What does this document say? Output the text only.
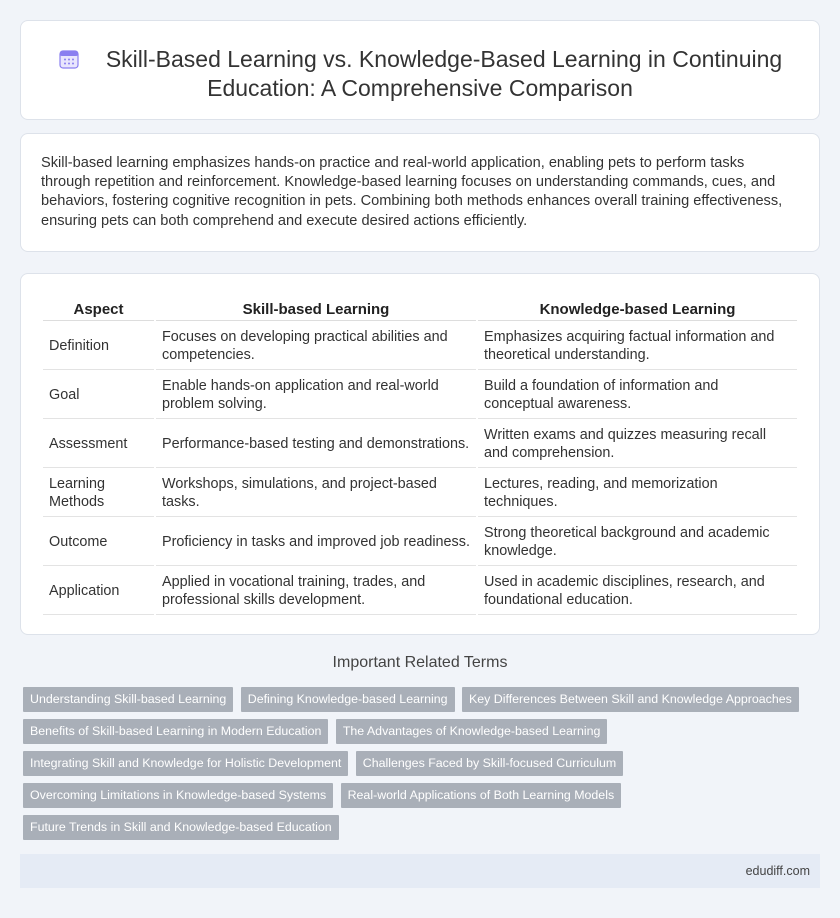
Skill-Based Learning vs. Knowledge-Based Learning in Continuing Education: A Comprehensive Comparison

Skill-based learning emphasizes hands-on practice and real-world application, enabling pets to perform tasks through repetition and reinforcement. Knowledge-based learning focuses on understanding commands, cues, and behaviors, fostering cognitive recognition in pets. Combining both methods enhances overall training effectiveness, ensuring pets can both comprehend and execute desired actions efficiently.

Aspect	Skill-based Learning	Knowledge-based Learning
Definition	Focuses on developing practical abilities and competencies.	Emphasizes acquiring factual information and theoretical understanding.
Goal	Enable hands-on application and real-world problem solving.	Build a foundation of information and conceptual awareness.
Assessment	Performance-based testing and demonstrations.	Written exams and quizzes measuring recall and comprehension.
Learning Methods	Workshops, simulations, and project-based tasks.	Lectures, reading, and memorization techniques.
Outcome	Proficiency in tasks and improved job readiness.	Strong theoretical background and academic knowledge.
Application	Applied in vocational training, trades, and professional skills development.	Used in academic disciplines, research, and foundational education.
Important Related Terms
Understanding Skill-based Learning Defining Knowledge-based Learning Key Differences Between Skill and Knowledge Approaches Benefits of Skill-based Learning in Modern Education The Advantages of Knowledge-based Learning Integrating Skill and Knowledge for Holistic Development Challenges Faced by Skill-focused Curriculum Overcoming Limitations in Knowledge-based Systems Real-world Applications of Both Learning Models Future Trends in Skill and Knowledge-based Education
edudiff.com
